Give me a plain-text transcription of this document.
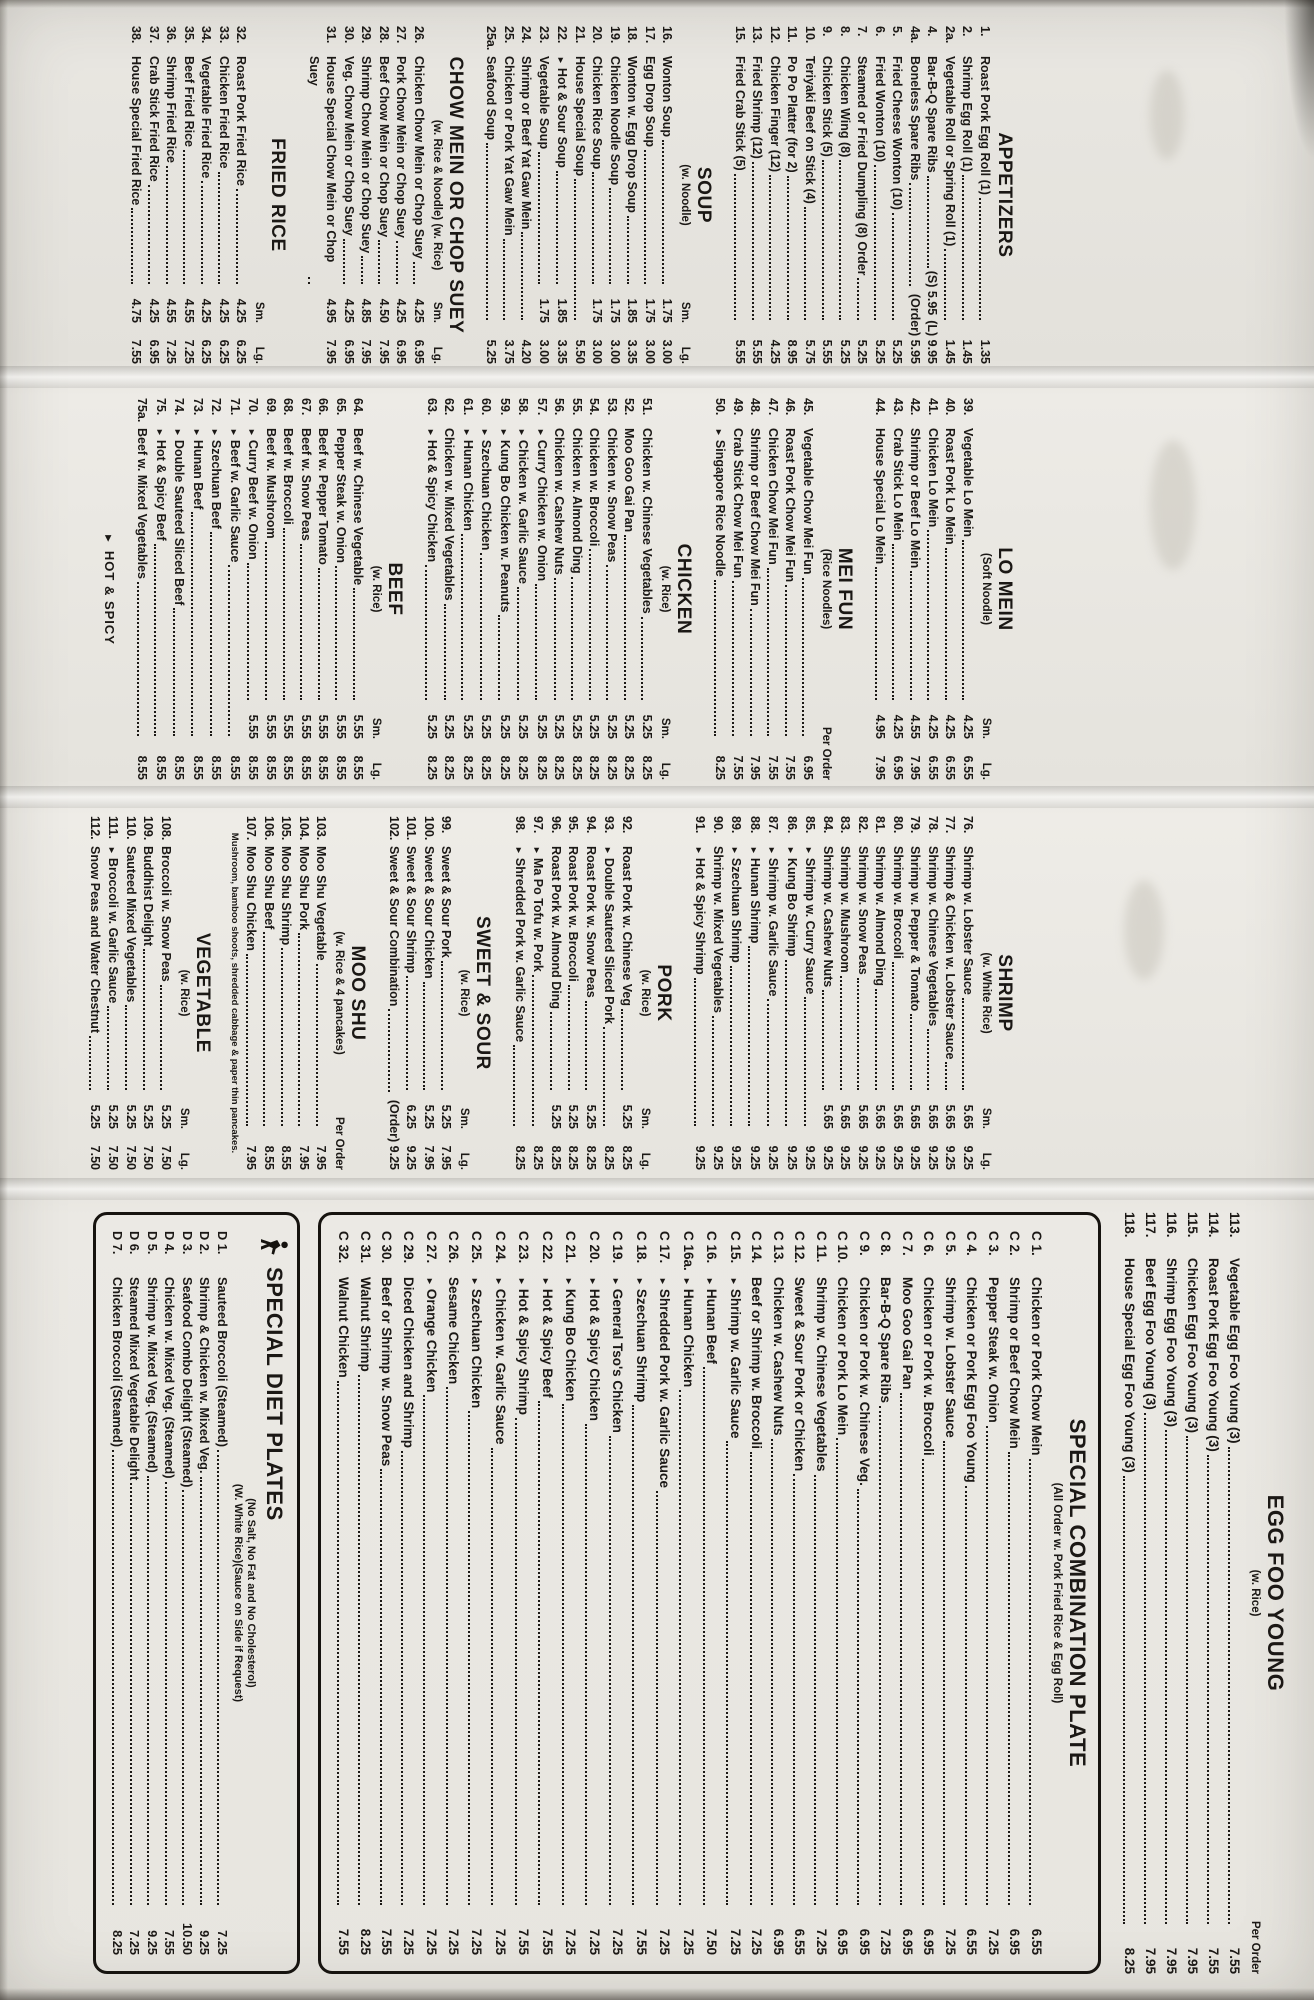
APPETIZERS
1.
Roast Pork Egg Roll (1)
1.35
2.
Shrimp Egg Roll (1)
1.45
2a.
Vegetable Roll or Spring Roll (1)
1.45
4.
Bar-B-Q Spare Ribs
(S) 5.95
(L) 9.95
4a.
Boneless Spare Ribs
(Order) 5.95
5.
Fried Cheese Wonton (10)
5.25
6.
Fried Wonton (10)
5.25
7.
Steamed or Fried Dumpling (8) Order
5.25
8.
Chicken Wing (8)
5.25
9.
Chicken Stick (5)
5.55
10.
Teriyaki Beef on Stick (4)
5.75
11.
Po Po Platter (for 2)
8.95
12.
Chicken Finger (12)
4.25
13.
Fried Shrimp (12)
5.55
15.
Fried Crab Stick (5)
5.55
SOUP
(w. Noodle)
Sm.
Lg.
16.
Wonton Soup
1.75
3.00
17.
Egg Drop Soup
1.75
3.00
18.
Wonton w. Egg Drop Soup
1.85
3.35
19.
Chicken Noodle Soup
1.75
3.00
20.
Chicken Rice Soup
1.75
3.00
21.
House Special Soup
5.50
22.
►Hot & Sour Soup
1.85
3.35
23.
Vegetable Soup
1.75
3.00
24.
Shrimp or Beef Yat Gaw Mein
4.20
25.
Chicken or Pork Yat Gaw Mein
3.75
25a.
Seafood Soup
5.25
CHOW MEIN OR CHOP SUEY
(w. Rice & Noodle) (w. Rice)
Sm.
Lg.
26.
Chicken Chow Mein or Chop Suey
4.25
6.95
27.
Pork Chow Mein or Chop Suey
4.25
6.95
28.
Beef Chow Mein or Chop Suey
4.50
7.95
29.
Shrimp Chow Mein or Chop Suey
4.85
7.95
30.
Veg. Chow Mein or Chop Suey
4.25
6.95
31.
House Special Chow Mein or Chop Suey
4.95
7.95
FRIED RICE
Sm.
Lg.
32.
Roast Pork Fried Rice
4.25
6.25
33.
Chicken Fried Rice
4.25
6.25
34.
Vegetable Fried Rice
4.25
6.25
35.
Beef Fried Rice
4.55
7.25
36.
Shrimp Fried Rice
4.55
7.25
37.
Crab Stick Fried Rice
4.25
6.95
38.
House Special Fried Rice
4.75
7.55
LO MEIN
(Soft Noodle)
Sm.
Lg.
39.
Vegetable Lo Mein
4.25
6.55
40.
Roast Pork Lo Mein
4.25
6.55
41.
Chicken Lo Mein
4.25
6.55
42.
Shrimp or Beef Lo Mein
4.55
7.95
43.
Crab Stick Lo Mein
4.25
6.95
44.
House Special Lo Mein
4.95
7.95
MEI FUN
(Rice Noodles)
Per Order
45.
Vegetable Chow Mei Fun
6.95
46.
Roast Pork Chow Mei Fun
7.55
47.
Chicken Chow Mei Fun
7.55
48.
Shrimp or Beef Chow Mei Fun
7.95
49.
Crab Stick Chow Mei Fun
7.55
50.
►Singapore Rice Noodle
8.25
CHICKEN
(w. Rice)
Sm.
Lg.
51.
Chicken w. Chinese Vegetables
5.25
8.25
52.
Moo Goo Gai Pan
5.25
8.25
53.
Chicken w. Snow Peas
5.25
8.25
54.
Chicken w. Broccoli
5.25
8.25
55.
Chicken w. Almond Ding
5.25
8.25
56.
Chicken w. Cashew Nuts
5.25
8.25
57.
►Curry Chicken w. Onion
5.25
8.25
58.
►Chicken w. Garlic Sauce
5.25
8.25
59.
►Kung Bo Chicken w. Peanuts
5.25
8.25
60.
►Szechuan Chicken
5.25
8.25
61.
►Hunan Chicken
5.25
8.25
62.
Chicken w. Mixed Vegetables
5.25
8.25
63.
►Hot & Spicy Chicken
5.25
8.25
BEEF
(w. Rice)
Sm.
Lg.
64.
Beef w. Chinese Vegetable
5.55
8.55
65.
Pepper Steak w. Onion
5.55
8.55
66.
Beef w. Pepper Tomato
5.55
8.55
67.
Beef w. Snow Peas
5.55
8.55
68.
Beef w. Broccoli
5.55
8.55
69.
Beef w. Mushroom
5.55
8.55
70.
►Curry Beef w. Onion
5.55
8.55
71.
►Beef w. Garlic Sauce
8.55
72.
►Szechuan Beef
8.55
73.
►Hunan Beef
8.55
74.
►Double Sauteed Sliced Beef
8.55
75.
►Hot & Spicy Beef
8.55
75a.
Beef w. Mixed Vegetables
8.55
►HOT & SPICY
SHRIMP
(w. White Rice)
Sm.
Lg.
76.
Shrimp w. Lobster Sauce
5.65
9.25
77.
Shrimp & Chicken w. Lobster Sauce
5.65
9.25
78.
Shrimp w. Chinese Vegetables
5.65
9.25
79.
Shrimp w. Pepper & Tomato
5.65
9.25
80.
Shrimp w. Broccoli
5.65
9.25
81.
Shrimp w. Almond Ding
5.65
9.25
82.
Shrimp w. Snow Peas
5.65
9.25
83.
Shrimp w. Mushroom
5.65
9.25
84.
Shrimp w. Cashew Nuts
5.65
9.25
85.
►Shrimp w. Curry Sauce
9.25
86.
►Kung Bo Shrimp
9.25
87.
►Shrimp w. Garlic Sauce
9.25
88.
►Hunan Shrimp
9.25
89.
►Szechuan Shrimp
9.25
90.
Shrimp w. Mixed Vegetables
9.25
91.
►Hot & Spicy Shrimp
9.25
PORK
(w. Rice)
Sm.
Lg.
92.
Roast Pork w. Chinese Veg
5.25
8.25
93.
►Double Sauteed Sliced Pork
8.25
94.
Roast Pork w. Snow Peas
5.25
8.25
95.
Roast Pork w. Broccoli
5.25
8.25
96.
Roast Pork w. Almond Ding
5.25
8.25
97.
►Ma Po Tofu w. Pork
8.25
98.
►Shredded Pork w. Garlic Sauce
8.25
SWEET & SOUR
(w. Rice)
Sm.
Lg.
99.
Sweet & Sour Pork
5.25
7.95
100.
Sweet & Sour Chicken
5.25
7.95
101.
Sweet & Sour Shrimp
6.25
9.25
102.
Sweet & Sour Combination
(Order) 9.25
MOO SHU
(w. Rice & 4 pancakes)
Per Order
103.
Moo Shu Vegetable
7.95
104.
Moo Shu Pork
7.95
105.
Moo Shu Shrimp
8.55
106.
Moo Shu Beef
8.55
107.
Moo Shu Chicken
7.95
Mushroom, bamboo shoots, shredded cabbage & paper thin pancakes.
VEGETABLE
(w. Rice)
Sm.
Lg.
108.
Broccoli w. Snow Peas
5.25
7.50
109.
Buddhist Delight
5.25
7.50
110.
Sauteed Mixed Vegetables
5.25
7.50
111.
►Broccoli w. Garlic Sauce
5.25
7.50
112.
Snow Peas and Water Chestnut
5.25
7.50
EGG FOO YOUNG
(w. Rice)
Per Order
113.
Vegetable Egg Foo Young (3)
7.55
114.
Roast Pork Egg Foo Young (3)
7.55
115.
Chicken Egg Foo Young (3)
7.95
116.
Shrimp Egg Foo Young (3)
7.95
117.
Beef Egg Foo Young (3)
7.95
118.
House Special Egg Foo Young (3)
8.25
SPECIAL COMBINATION PLATE
(All Order w. Pork Fried Rice & Egg Roll)
C 1.
Chicken or Pork Chow Mein
6.55
C 2.
Shrimp or Beef Chow Mein
6.95
C 3.
Pepper Steak w. Onion
7.25
C 4.
Chicken or Pork Egg Foo Young
6.55
C 5.
Shrimp w. Lobster Sauce
7.25
C 6.
Chicken or Pork w. Broccoli
6.95
C 7.
Moo Goo Gai Pan
6.95
C 8.
Bar-B-Q Spare Ribs
7.25
C 9.
Chicken or Pork w. Chinese Veg.
6.95
C 10.
Chicken or Pork Lo Mein
6.95
C 11.
Shrimp w. Chinese Vegetables
7.25
C 12.
Sweet & Sour Pork or Chicken
6.55
C 13.
Chicken w. Cashew Nuts
6.95
C 14.
Beef or Shrimp w. Broccoli
7.25
C 15.
►Shrimp w. Garlic Sauce
7.25
C 16.
►Hunan Beef
7.50
C 16a.
►Hunan Chicken
7.25
C 17.
►Shredded Pork w. Garlic Sauce
7.25
C 18.
►Szechuan Shrimp
7.55
C 19.
►General Tso's Chicken
7.25
C 20.
►Hot & Spicy Chicken
7.25
C 21.
►Kung Bo Chicken
7.25
C 22.
►Hot & Spicy Beef
7.55
C 23.
►Hot & Spicy Shrimp
7.55
C 24.
►Chicken w. Garlic Sauce
7.25
C 25.
►Szechuan Chicken
7.25
C 26.
Sesame Chicken
7.25
C 27.
►Orange Chicken
7.25
C 29.
Diced Chicken and Shrimp
7.25
C 30.
Beef or Shrimp w. Snow Peas
7.55
C 31.
Walnut Shrimp
8.25
C 32.
Walnut Chicken
7.55
SPECIAL DIET PLATES
(No Salt, No Fat and No Cholesterol)
(W. White Rice)(Sauce on Side if Request)
D 1.
Sauteed Broccoli (Steamed)
7.25
D 2.
Shrimp & Chicken w. Mixed Veg.
9.25
D 3.
Seafood Combo Delight (Steamed)
10.50
D 4.
Chicken w. Mixed Veg. (Steamed)
7.55
D 5.
Shrimp w. Mixed Veg. (Steamed)
9.25
D 6.
Steamed Mixed Vegetable Delight
7.25
D 7.
Chicken Broccoli (Steamed)
8.25
